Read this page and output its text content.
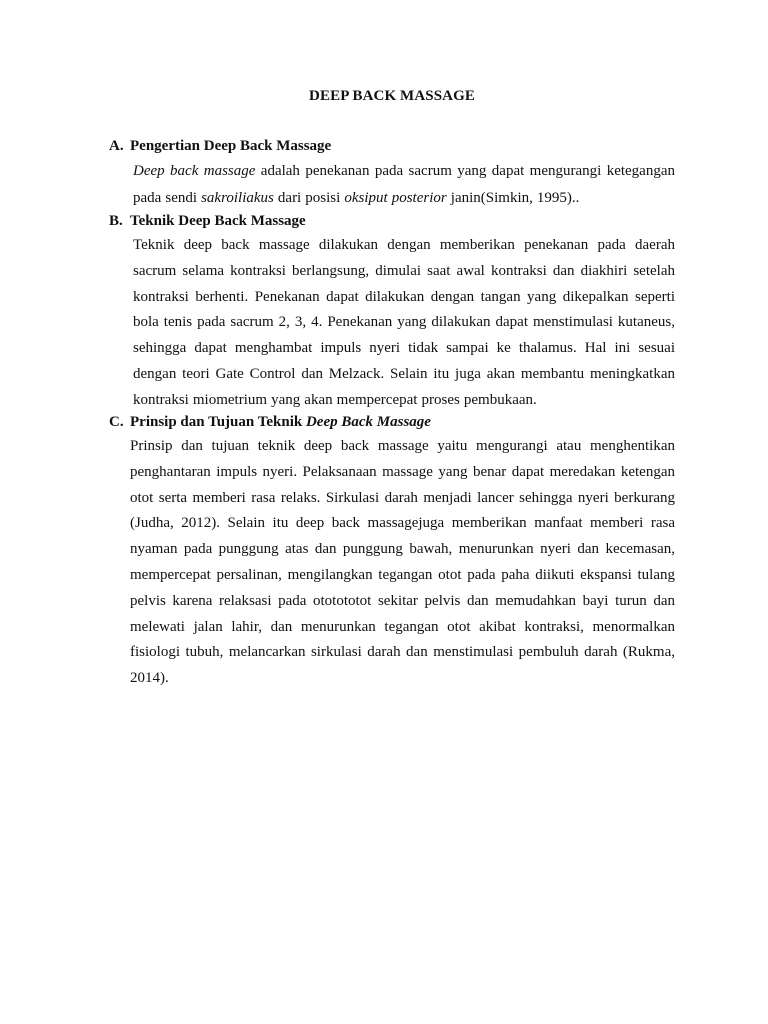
DEEP BACK MASSAGE
A. Pengertian Deep Back Massage

Deep back massage adalah penekanan pada sacrum yang dapat mengurangi ketegangan pada sendi sakroiliakus dari posisi oksiput posterior janin(Simkin, 1995)..

B. Teknik Deep Back Massage

Teknik deep back massage dilakukan dengan memberikan penekanan pada daerah sacrum selama kontraksi berlangsung, dimulai saat awal kontraksi dan diakhiri setelah kontraksi berhenti. Penekanan dapat dilakukan dengan tangan yang dikepalkan seperti bola tenis pada sacrum 2, 3, 4. Penekanan yang dilakukan dapat menstimulasi kutaneus, sehingga dapat menghambat impuls nyeri tidak sampai ke thalamus. Hal ini sesuai dengan teori Gate Control dan Melzack. Selain itu juga akan membantu meningkatkan kontraksi miometrium yang akan mempercepat proses pembukaan.

C. Prinsip dan Tujuan Teknik Deep Back Massage

Prinsip dan tujuan teknik deep back massage yaitu mengurangi atau menghentikan penghantaran impuls nyeri. Pelaksanaan massage yang benar dapat meredakan ketengan otot serta memberi rasa relaks. Sirkulasi darah menjadi lancer sehingga nyeri berkurang (Judha, 2012). Selain itu deep back massagejuga memberikan manfaat memberi rasa nyaman pada punggung atas dan punggung bawah, menurunkan nyeri dan kecemasan, mempercepat persalinan, mengilangkan tegangan otot pada paha diikuti ekspansi tulang pelvis karena relaksasi pada ototototot sekitar pelvis dan memudahkan bayi turun dan melewati jalan lahir, dan menurunkan tegangan otot akibat kontraksi, menormalkan fisiologi tubuh, melancarkan sirkulasi darah dan menstimulasi pembuluh darah (Rukma, 2014).
